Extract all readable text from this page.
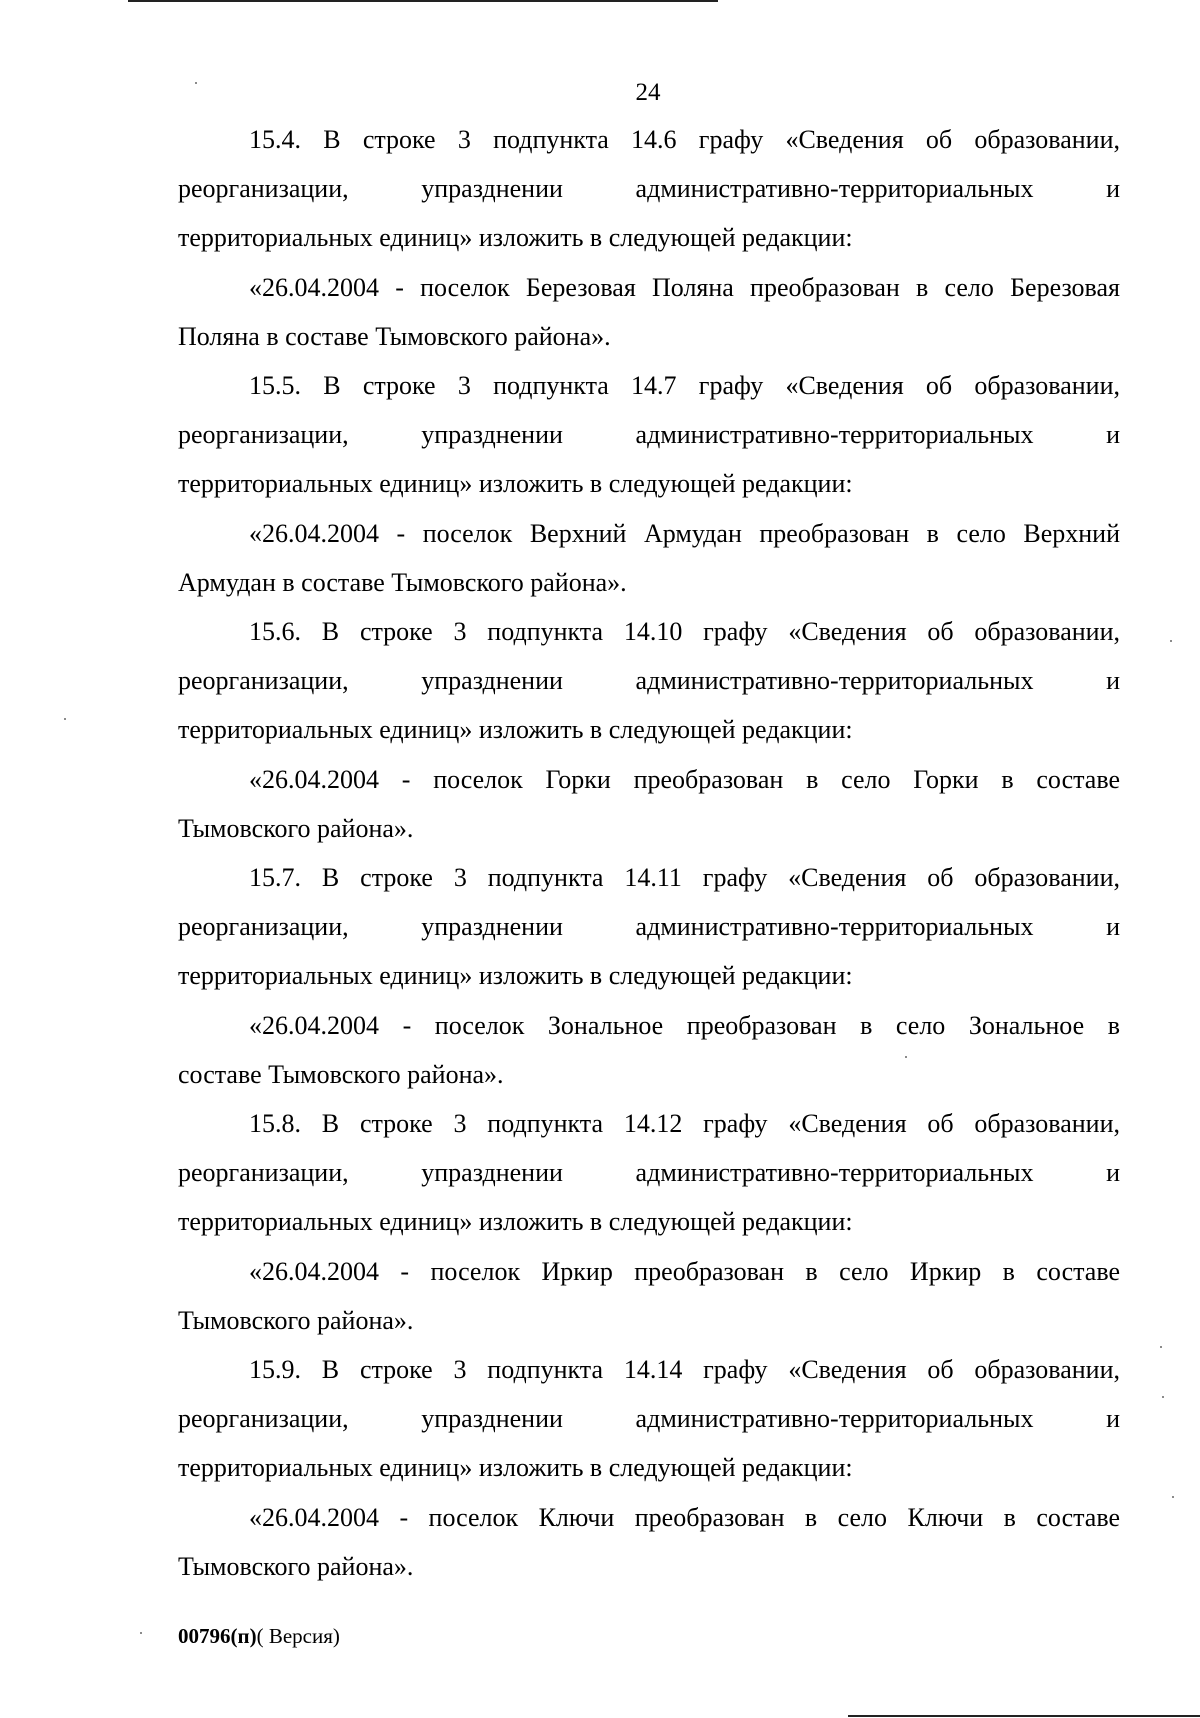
24

15.4. В строке 3 подпункта 14.6 графу «Сведения об образовании,
реорганизации, упразднении административно-территориальных и
территориальных единиц» изложить в следующей редакции:

«26.04.2004 - поселок Березовая Поляна преобразован в село Березовая
Поляна в составе Тымовского района».

15.5. В строке 3 подпункта 14.7 графу «Сведения об образовании,
реорганизации, упразднении административно-территориальных и
территориальных единиц» изложить в следующей редакции:

«26.04.2004 - поселок Верхний Армудан преобразован в село Верхний
Армудан в составе Тымовского района».

15.6. В строке 3 подпункта 14.10 графу «Сведения об образовании,
реорганизации, упразднении административно-территориальных и
территориальных единиц» изложить в следующей редакции:

«26.04.2004 - поселок Горки преобразован в село Горки в составе
Тымовского района».

15.7. В строке 3 подпункта 14.11 графу «Сведения об образовании,
реорганизации, упразднении административно-территориальных и
территориальных единиц» изложить в следующей редакции:

«26.04.2004 - поселок Зональное преобразован в село Зональное в
составе Тымовского района».

15.8. В строке 3 подпункта 14.12 графу «Сведения об образовании,
реорганизации, упразднении административно-территориальных и
территориальных единиц» изложить в следующей редакции:

«26.04.2004 - поселок Иркир преобразован в село Иркир в составе
Тымовского района».

15.9. В строке 3 подпункта 14.14 графу «Сведения об образовании,
реорганизации, упразднении административно-территориальных и
территориальных единиц» изложить в следующей редакции:

«26.04.2004 - поселок Ключи преобразован в село Ключи в составе
Тымовского района».

00796(п)( Версия)
